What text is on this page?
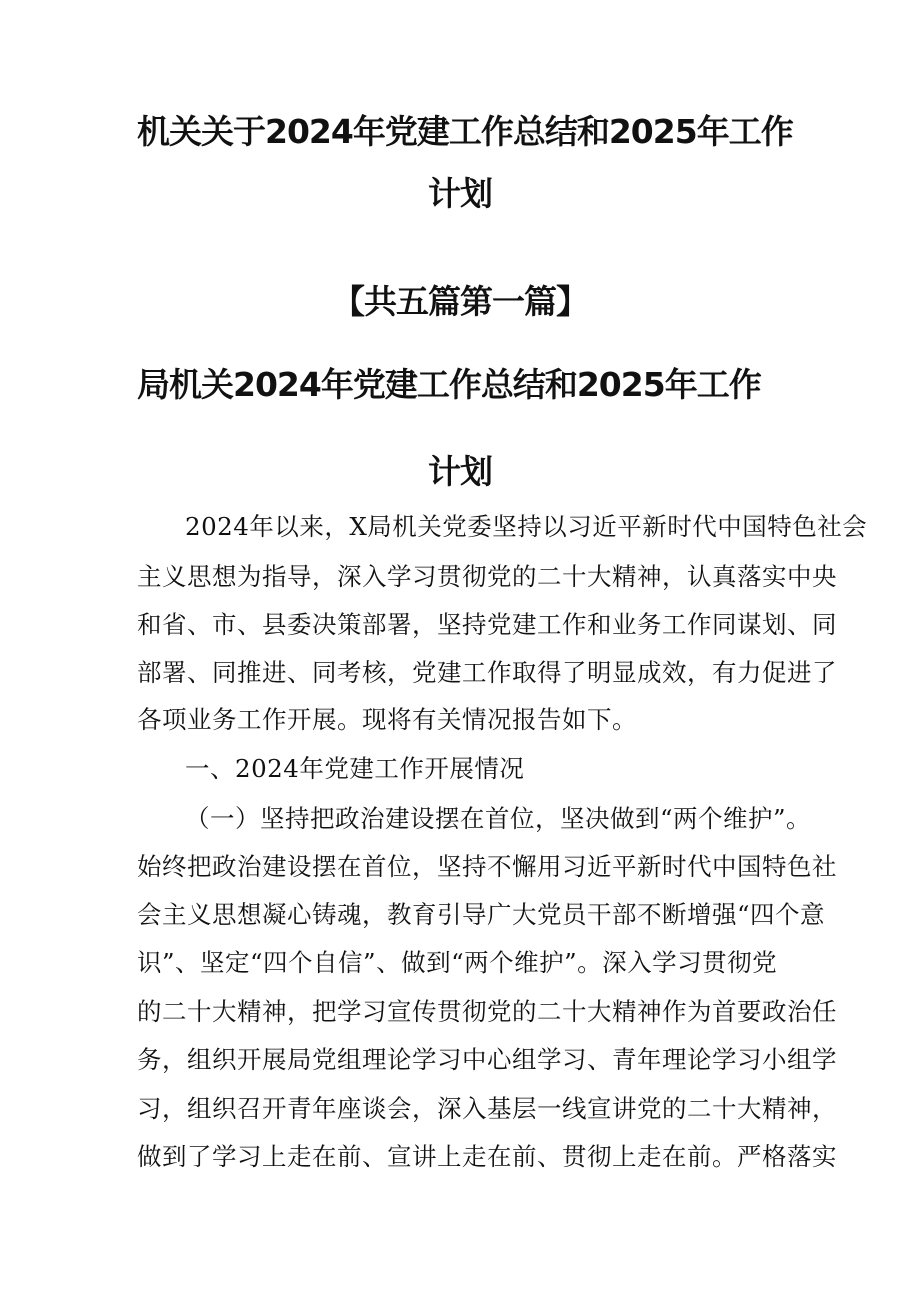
机关关于2024年党建工作总结和2025年工作
计划
【共五篇第一篇】
局机关2024年党建工作总结和2025年工作
计划
2024年以来，X局机关党委坚持以习近平新时代中国特色社会
主义思想为指导，深入学习贯彻党的二十大精神，认真落实中央
和省、市、县委决策部署，坚持党建工作和业务工作同谋划、同
部署、同推进、同考核，党建工作取得了明显成效，有力促进了
各项业务工作开展。现将有关情况报告如下。
一、2024年党建工作开展情况
（一）坚持把政治建设摆在首位，坚决做到“两个维护”。
始终把政治建设摆在首位，坚持不懈用习近平新时代中国特色社
会主义思想凝心铸魂，教育引导广大党员干部不断增强“四个意
识”、坚定“四个自信”、做到“两个维护”。深入学习贯彻党
的二十大精神，把学习宣传贯彻党的二十大精神作为首要政治任
务，组织开展局党组理论学习中心组学习、青年理论学习小组学
习，组织召开青年座谈会，深入基层一线宣讲党的二十大精神，
做到了学习上走在前、宣讲上走在前、贯彻上走在前。严格落实
